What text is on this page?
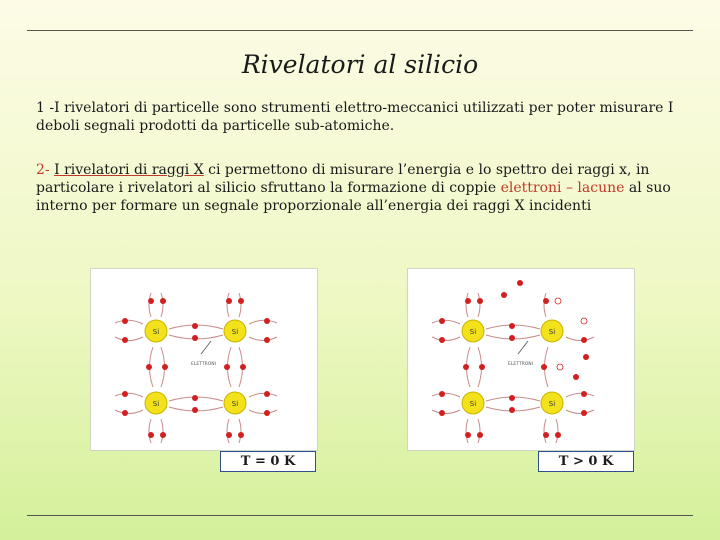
Rivelatori al silicio
1 -I rivelatori di particelle sono strumenti elettro-meccanici utilizzati per poter misurare I deboli segnali prodotti da particelle sub-atomiche.
2- I rivelatori di raggi X ci permettono di misurare l’energia e lo spettro dei raggi x, in particolare i rivelatori al silicio sfruttano la formazione di coppie elettroni – lacune al suo interno per formare un segnale proporzionale all’energia dei raggi X incidenti
Si	Si
Si	Si
ELETTRONI
T = 0 K
Si	Si
Si	Si
ELETTRONI
T > 0 K
